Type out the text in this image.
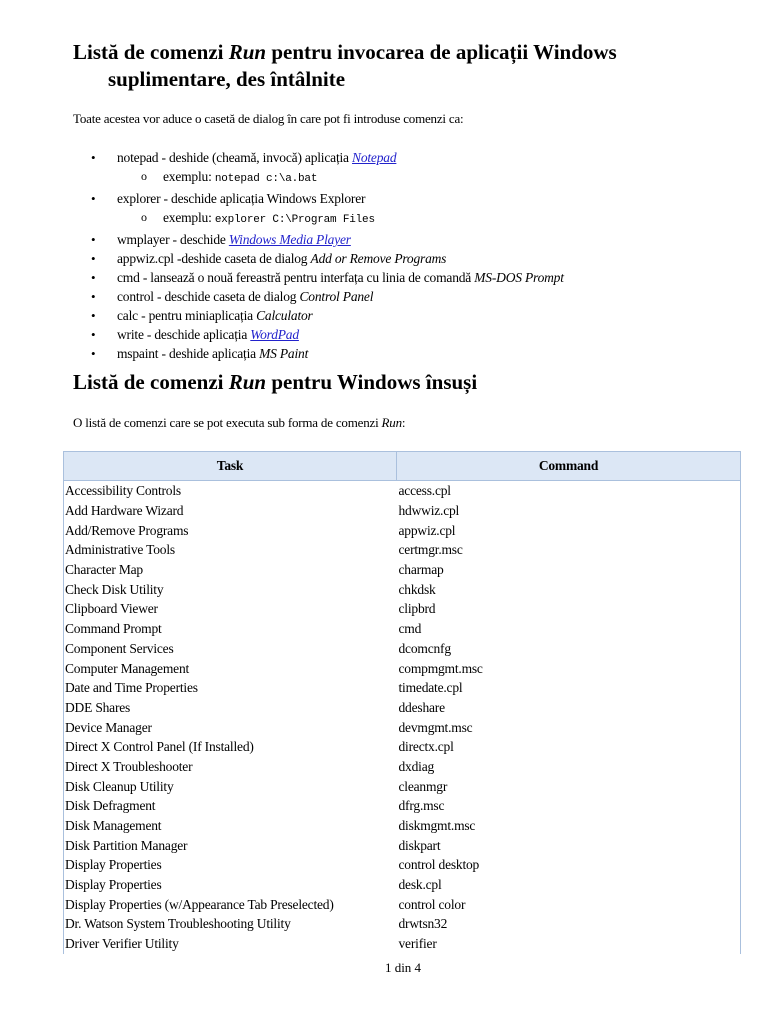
Listă de comenzi Run pentru invocarea de aplicații Windows
suplimentare, des întâlnite

Toate acestea vor aduce o casetă de dialog în care pot fi introduse comenzi ca:

• notepad - deshide (cheamă, invocă) aplicația Notepad
o exemplu: notepad c:\a.bat
• explorer - deschide aplicația Windows Explorer
o exemplu: explorer C:\Program Files
• wmplayer - deschide Windows Media Player
• appwiz.cpl -deshide caseta de dialog Add or Remove Programs
• cmd - lansează o nouă fereastră pentru interfața cu linia de comandă MS-DOS Prompt
• control - deschide caseta de dialog Control Panel
• calc - pentru miniaplicația Calculator
• write - deschide aplicația WordPad
• mspaint - deshide aplicația MS Paint
Listă de comenzi Run pentru Windows însuși

O listă de comenzi care se pot executa sub forma de comenzi Run:

Task	Command
Accessibility Controls	access.cpl
Add Hardware Wizard	hdwwiz.cpl
Add/Remove Programs	appwiz.cpl
Administrative Tools	certmgr.msc
Character Map	charmap
Check Disk Utility	chkdsk
Clipboard Viewer	clipbrd
Command Prompt	cmd
Component Services	dcomcnfg
Computer Management	compmgmt.msc
Date and Time Properties	timedate.cpl
DDE Shares	ddeshare
Device Manager	devmgmt.msc
Direct X Control Panel (If Installed)	directx.cpl
Direct X Troubleshooter	dxdiag
Disk Cleanup Utility	cleanmgr
Disk Defragment	dfrg.msc
Disk Management	diskmgmt.msc
Disk Partition Manager	diskpart
Display Properties	control desktop
Display Properties	desk.cpl
Display Properties (w/Appearance Tab Preselected)	control color
Dr. Watson System Troubleshooting Utility	drwtsn32
Driver Verifier Utility	verifier
1 din 4
